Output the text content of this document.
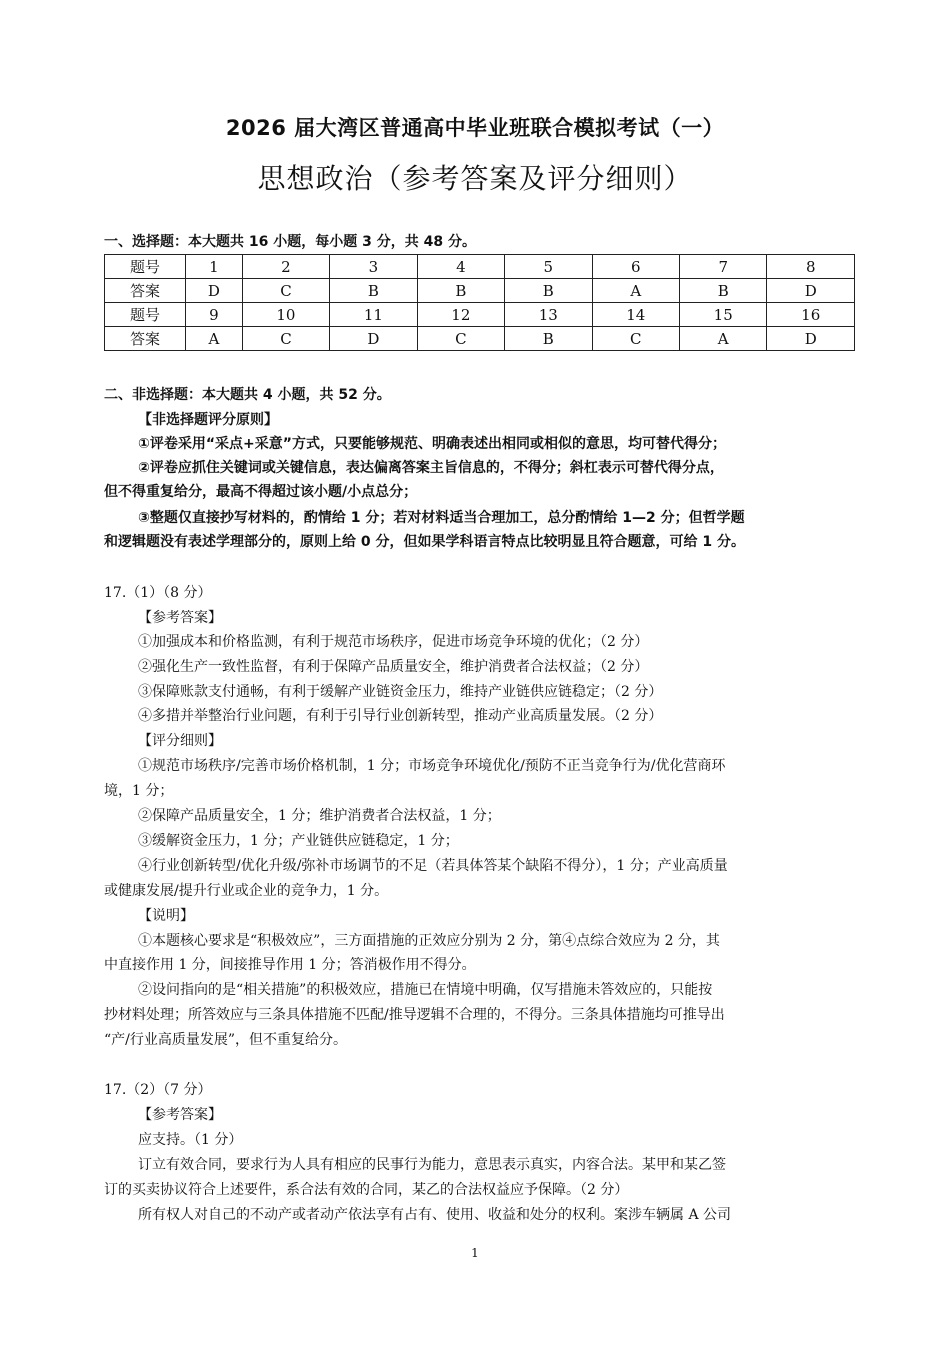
2026 届大湾区普通高中毕业班联合模拟考试（一）
思想政治（参考答案及评分细则）
一、选择题：本大题共 16 小题，每小题 3 分，共 48 分。
题号	1	2	3	4	5	6	7	8
答案	D	C	B	B	B	A	B	D
题号	9	10	11	12	13	14	15	16
答案	A	C	D	C	B	C	A	D
二、非选择题：本大题共 4 小题，共 52 分。
【非选择题评分原则】
①评卷采用“采点+采意”方式，只要能够规范、明确表述出相同或相似的意思，均可替代得分；
②评卷应抓住关键词或关键信息，表达偏离答案主旨信息的，不得分；斜杠表示可替代得分点，
但不得重复给分，最高不得超过该小题/小点总分；
③整题仅直接抄写材料的，酌情给 1 分；若对材料适当合理加工，总分酌情给 1—2 分；但哲学题
和逻辑题没有表述学理部分的，原则上给 0 分，但如果学科语言特点比较明显且符合题意，可给 1 分。
17.（1）（8 分）
【参考答案】
①加强成本和价格监测，有利于规范市场秩序，促进市场竞争环境的优化；（2 分）
②强化生产一致性监督，有利于保障产品质量安全，维护消费者合法权益；（2 分）
③保障账款支付通畅，有利于缓解产业链资金压力，维持产业链供应链稳定；（2 分）
④多措并举整治行业问题，有利于引导行业创新转型，推动产业高质量发展。（2 分）
【评分细则】
①规范市场秩序/完善市场价格机制，1 分；市场竞争环境优化/预防不正当竞争行为/优化营商环
境，1 分；
②保障产品质量安全，1 分；维护消费者合法权益，1 分；
③缓解资金压力，1 分；产业链供应链稳定，1 分；
④行业创新转型/优化升级/弥补市场调节的不足（若具体答某个缺陷不得分），1 分；产业高质量
或健康发展/提升行业或企业的竞争力，1 分。
【说明】
①本题核心要求是“积极效应”，三方面措施的正效应分别为 2 分，第④点综合效应为 2 分，其
中直接作用 1 分，间接推导作用 1 分；答消极作用不得分。
②设问指向的是“相关措施”的积极效应，措施已在情境中明确，仅写措施未答效应的，只能按
抄材料处理；所答效应与三条具体措施不匹配/推导逻辑不合理的，不得分。三条具体措施均可推导出
“产/行业高质量发展”，但不重复给分。
17.（2）（7 分）
【参考答案】
应支持。（1 分）
订立有效合同，要求行为人具有相应的民事行为能力，意思表示真实，内容合法。某甲和某乙签
订的买卖协议符合上述要件，系合法有效的合同，某乙的合法权益应予保障。（2 分）
所有权人对自己的不动产或者动产依法享有占有、使用、收益和处分的权利。案涉车辆属 A 公司
1
